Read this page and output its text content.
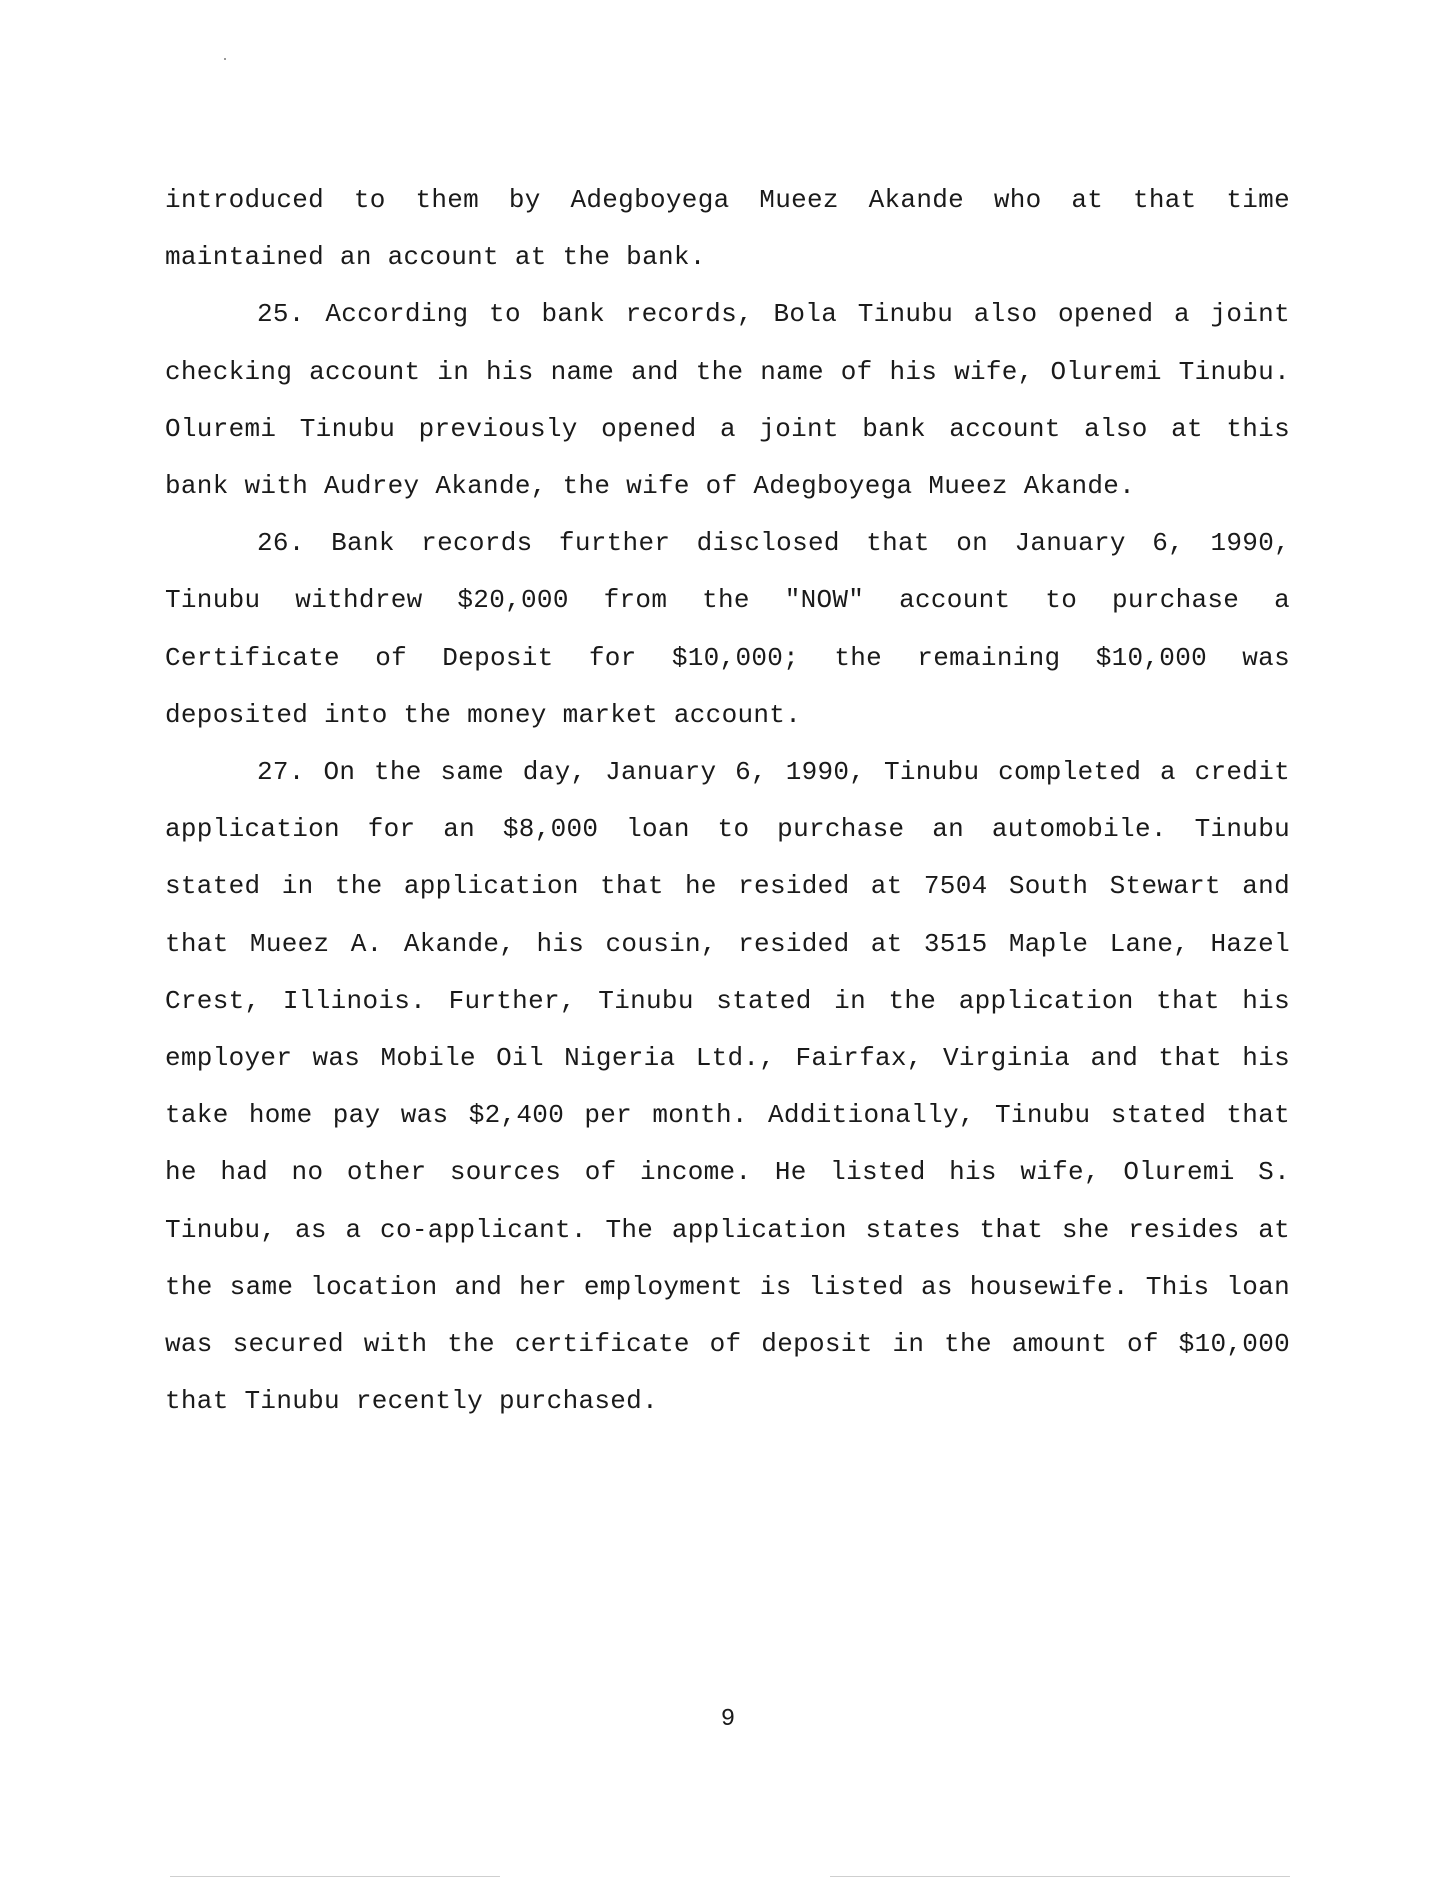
introduced to them by Adegboyega Mueez Akande who at that time maintained an account at the bank.

25. According to bank records, Bola Tinubu also opened a joint checking account in his name and the name of his wife, Oluremi Tinubu. Oluremi Tinubu previously opened a joint bank account also at this bank with Audrey Akande, the wife of Adegboyega Mueez Akande.

26. Bank records further disclosed that on January 6, 1990, Tinubu withdrew $20,000 from the "NOW" account to purchase a Certificate of Deposit for $10,000; the remaining $10,000 was deposited into the money market account.

27. On the same day, January 6, 1990, Tinubu completed a credit application for an $8,000 loan to purchase an automobile. Tinubu stated in the application that he resided at 7504 South Stewart and that Mueez A. Akande, his cousin, resided at 3515 Maple Lane, Hazel Crest, Illinois. Further, Tinubu stated in the application that his employer was Mobile Oil Nigeria Ltd., Fairfax, Virginia and that his take home pay was $2,400 per month. Additionally, Tinubu stated that he had no other sources of income. He listed his wife, Oluremi S. Tinubu, as a co-applicant. The application states that she resides at the same location and her employment is listed as housewife. This loan was secured with the certificate of deposit in the amount of $10,000 that Tinubu recently purchased.

9
